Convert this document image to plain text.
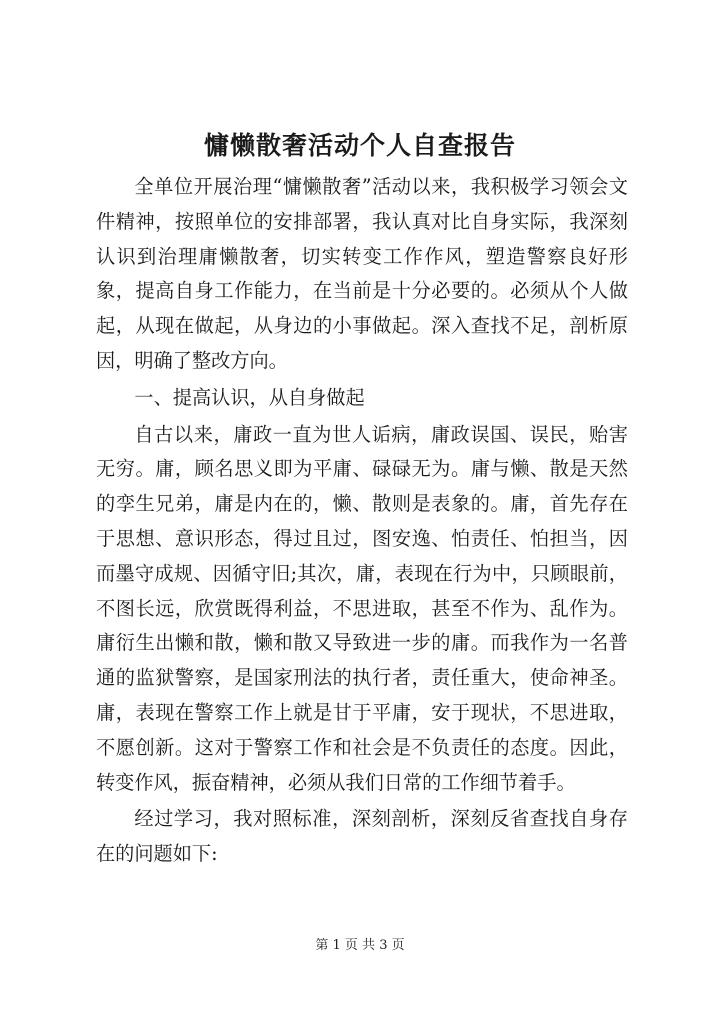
慵懒散奢活动个人自查报告

全单位开展治理“慵懒散奢”活动以来，我积极学习领会文件精神，按照单位的安排部署，我认真对比自身实际，我深刻认识到治理庸懒散奢，切实转变工作作风，塑造警察良好形象，提高自身工作能力，在当前是十分必要的。必须从个人做起，从现在做起，从身边的小事做起。深入查找不足，剖析原因，明确了整改方向。

一、提高认识，从自身做起

自古以来，庸政一直为世人诟病，庸政误国、误民，贻害无穷。庸，顾名思义即为平庸、碌碌无为。庸与懒、散是天然的孪生兄弟，庸是内在的，懒、散则是表象的。庸，首先存在于思想、意识形态，得过且过，图安逸、怕责任、怕担当，因而墨守成规、因循守旧;其次，庸，表现在行为中，只顾眼前，不图长远，欣赏既得利益，不思进取，甚至不作为、乱作为。庸衍生出懒和散，懒和散又导致进一步的庸。而我作为一名普通的监狱警察，是国家刑法的执行者，责任重大，使命神圣。庸，表现在警察工作上就是甘于平庸，安于现状，不思进取，不愿创新。这对于警察工作和社会是不负责任的态度。因此，转变作风，振奋精神，必须从我们日常的工作细节着手。

经过学习，我对照标准，深刻剖析，深刻反省查找自身存在的问题如下:

第 1 页 共 3 页
